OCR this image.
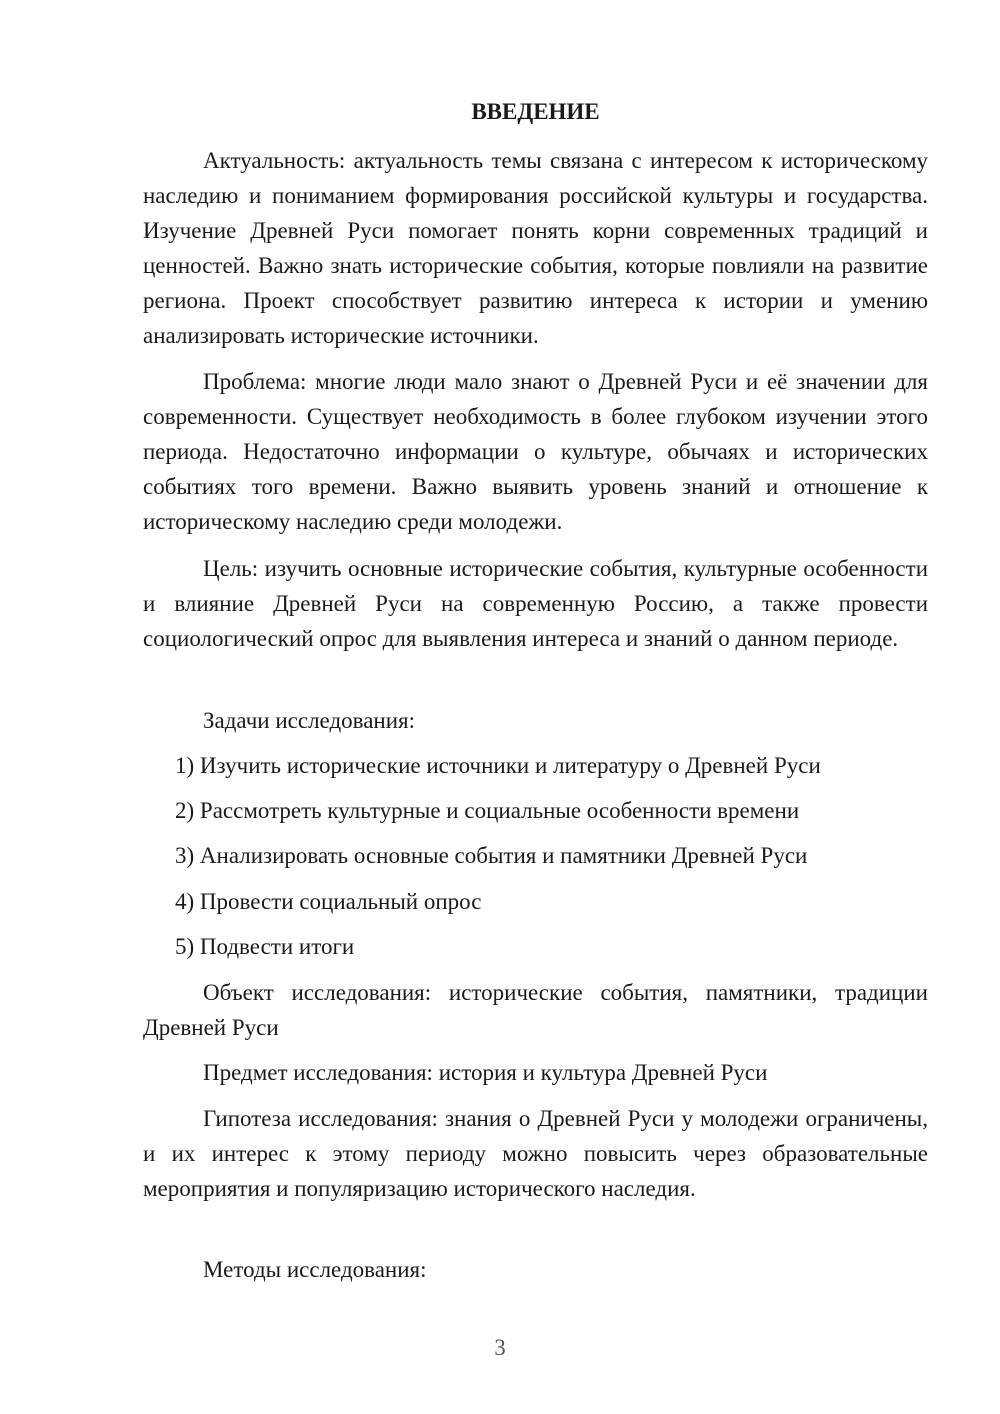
ВВЕДЕНИЕ

Актуальность: актуальность темы связана с интересом к историческому наследию и пониманием формирования российской культуры и государства. Изучение Древней Руси помогает понять корни современных традиций и ценностей. Важно знать исторические события, которые повлияли на развитие региона. Проект способствует развитию интереса к истории и умению анализировать исторические источники.

Проблема: многие люди мало знают о Древней Руси и её значении для современности. Существует необходимость в более глубоком изучении этого периода. Недостаточно информации о культуре, обычаях и исторических событиях того времени. Важно выявить уровень знаний и отношение к историческому наследию среди молодежи.

Цель: изучить основные исторические события, культурные особенности и влияние Древней Руси на современную Россию, а также провести социологический опрос для выявления интереса и знаний о данном периоде.

Задачи исследования:

1) Изучить исторические источники и литературу о Древней Руси

2) Рассмотреть культурные и социальные особенности времени

3) Анализировать основные события и памятники Древней Руси

4) Провести социальный опрос

5) Подвести итоги

Объект исследования: исторические события, памятники, традиции Древней Руси

Предмет исследования: история и культура Древней Руси

Гипотеза исследования: знания о Древней Руси у молодежи ограничены, и их интерес к этому периоду можно повысить через образовательные мероприятия и популяризацию исторического наследия.

Методы исследования:

3
